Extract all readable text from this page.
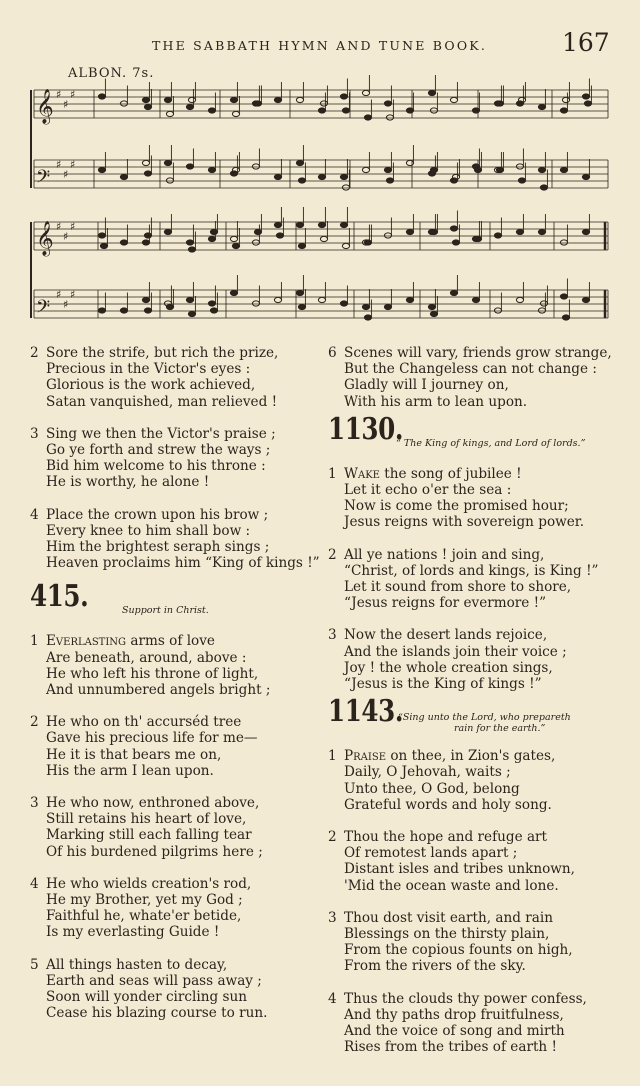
THE SABBATH HYMN AND TUNE BOOK.	167
ALBON. 7s.
𝄞 ♯
♯
♯
𝄢
♯
♯
♯
𝄞 ♯
♯
♯
𝄢
♯
♯
♯
2 Sore the strife, but rich the prize,
Precious in the Victor's eyes :
Glorious is the work achieved,
Satan vanquished, man relieved !
3 Sing we then the Victor's praise ;
Go ye forth and strew the ways ;
Bid him welcome to his throne :
He is worthy, he alone !
4 Place the crown upon his brow ;
Every knee to him shall bow :
Him the brightest seraph sings ;
Heaven proclaims him “King of kings !”
415.	Support in Christ.
1 Everlasting arms of love
Are beneath, around, above :
He who left his throne of light,
And unnumbered angels bright ;
2 He who on th' accurséd tree
Gave his precious life for me—
He it is that bears me on,
His the arm I lean upon.
3 He who now, enthroned above,
Still retains his heart of love,
Marking still each falling tear
Of his burdened pilgrims here ;
4 He who wields creation's rod,
He my Brother, yet my God ;
Faithful he, whate'er betide,
Is my everlasting Guide !
5 All things hasten to decay,
Earth and seas will pass away ;
Soon will yonder circling sun
Cease his blazing course to run.
6 Scenes will vary, friends grow strange,
But the Changeless can not change :
Gladly will I journey on,
With his arm to lean upon.
1130.
“ The King of kings, and Lord of lords.”
1 Wake the song of jubilee !
Let it echo o'er the sea :
Now is come the promised hour;
Jesus reigns with sovereign power.
2 All ye nations ! join and sing,
“Christ, of lords and kings, is King !”
Let it sound from shore to shore,
“Jesus reigns for evermore !”
3 Now the desert lands rejoice,
And the islands join their voice ;
Joy ! the whole creation sings,
“Jesus is the King of kings !”
1143.
“Sing unto the Lord, who prepareth
rain for the earth.”
1 Praise on thee, in Zion's gates,
Daily, O Jehovah, waits ;
Unto thee, O God, belong
Grateful words and holy song.
2 Thou the hope and refuge art
Of remotest lands apart ;
Distant isles and tribes unknown,
'Mid the ocean waste and lone.
3 Thou dost visit earth, and rain
Blessings on the thirsty plain,
From the copious founts on high,
From the rivers of the sky.
4 Thus the clouds thy power confess,
And thy paths drop fruitfulness,
And the voice of song and mirth
Rises from the tribes of earth !
